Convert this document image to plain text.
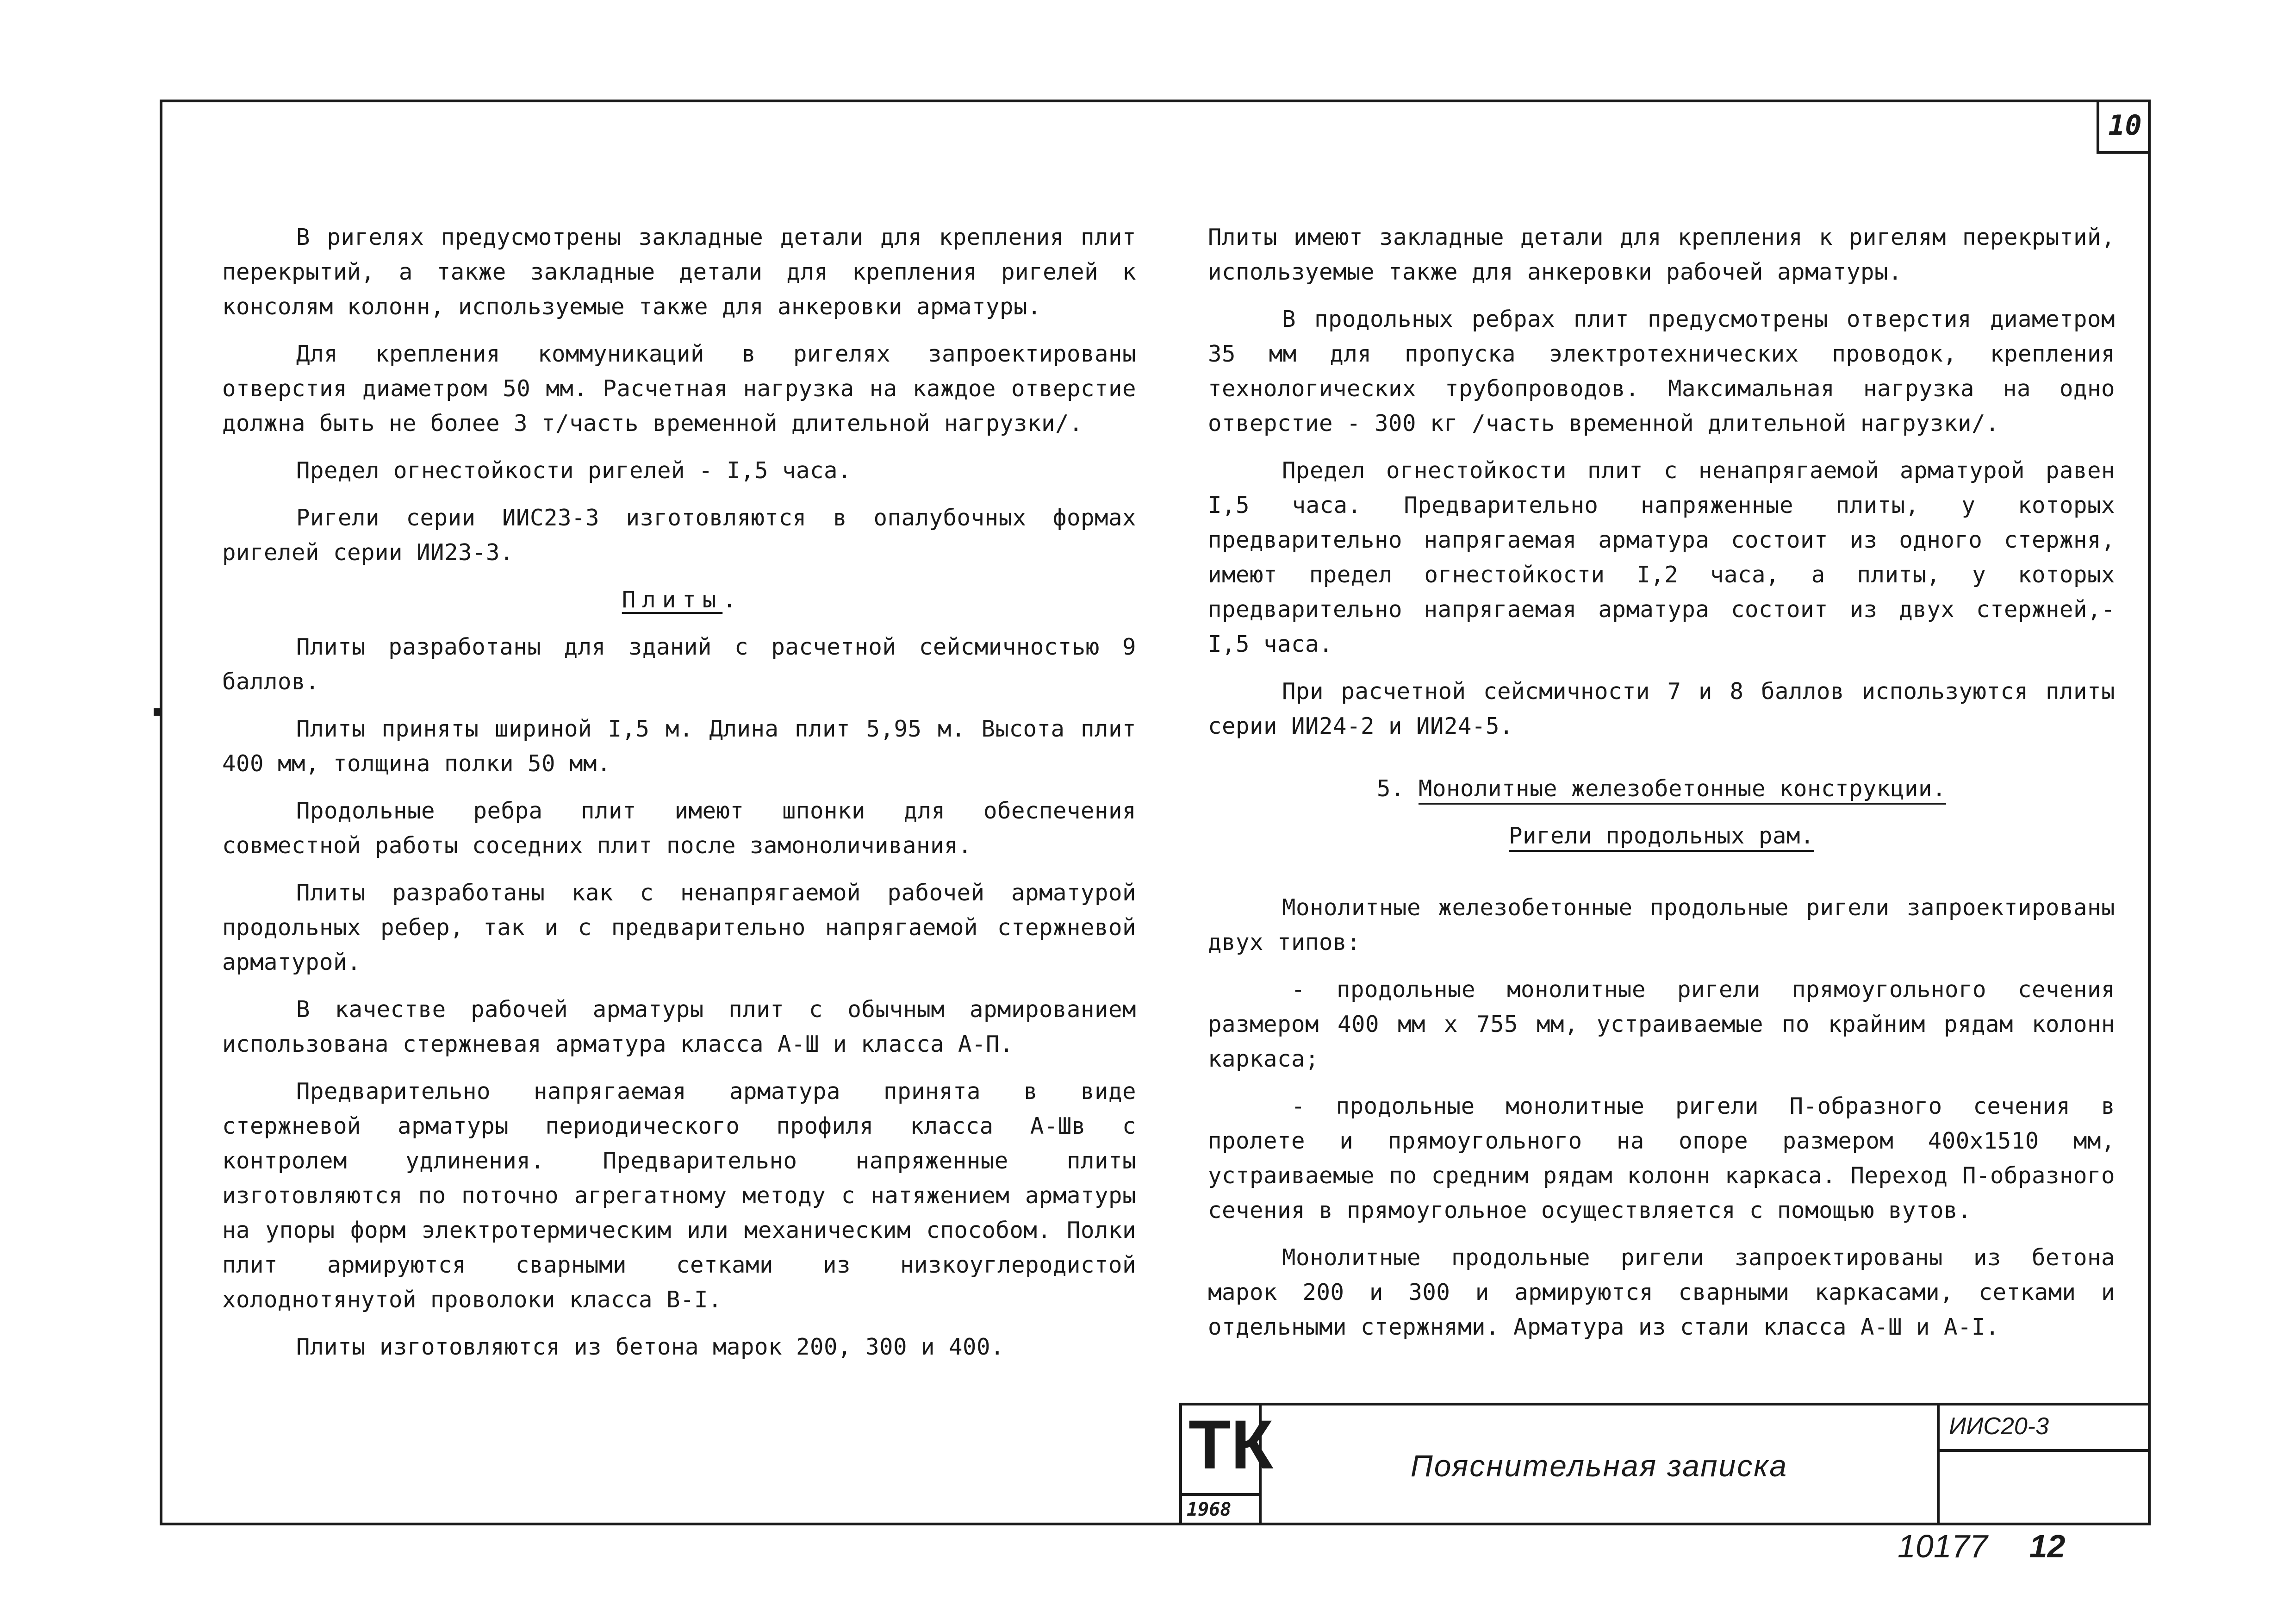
10

В ригелях предусмотрены закладные детали для крепления плит перекрытий, а также закладные детали для крепления ригелей к консолям колонн, используемые также для анкеровки арматуры.

Для крепления коммуникаций в ригелях запроектированы отверстия диаметром 50 мм. Расчетная нагрузка на каждое отверстие должна быть не более 3 т/часть временной длительной нагрузки/.

Предел огнестойкости ригелей - I,5 часа.

Ригели серии ИИС23-3 изготовляются в опалубочных формах ригелей серии ИИ23-3.

Плиты.

Плиты разработаны для зданий с расчетной сейсмичностью 9 баллов.

Плиты приняты шириной I,5 м. Длина плит 5,95 м. Высота плит 400 мм, толщина полки 50 мм.

Продольные ребра плит имеют шпонки для обеспечения совместной работы соседних плит после замоноличивания.

Плиты разработаны как с ненапрягаемой рабочей арматурой продольных ребер, так и с предварительно напрягаемой стержневой арматурой.

В качестве рабочей арматуры плит с обычным армированием использована стержневая арматура класса А-Ш и класса А-П.

Предварительно напрягаемая арматура принята в виде стержневой арматуры периодического профиля класса А-Шв с контролем удлинения. Предварительно напряженные плиты изготовляются по поточно агрегатному методу с натяжением арматуры на упоры форм электротермическим или механическим способом. Полки плит армируются сварными сетками из низкоуглеродистой холоднотянутой проволоки класса В-I.

Плиты изготовляются из бетона марок 200, 300 и 400.

Плиты имеют закладные детали для крепления к ригелям перекрытий, используемые также для анкеровки рабочей арматуры.

В продольных ребрах плит предусмотрены отверстия диаметром 35 мм для пропуска электротехнических проводок, крепления технологических трубопроводов. Максимальная нагрузка на одно отверстие - 300 кг /часть временной длительной нагрузки/.

Предел огнестойкости плит с ненапрягаемой арматурой равен I,5 часа. Предварительно напряженные плиты, у которых предварительно напрягаемая арматура состоит из одного стержня, имеют предел огнестойкости I,2 часа, а плиты, у которых предварительно напрягаемая арматура состоит из двух стержней,- I,5 часа.

При расчетной сейсмичности 7 и 8 баллов используются плиты серии ИИ24-2 и ИИ24-5.

5. Монолитные железобетонные конструкции.
Ригели продольных рам.

Монолитные железобетонные продольные ригели запроектированы двух типов:

- продольные монолитные ригели прямоугольного сечения размером 400 мм х 755 мм, устраиваемые по крайним рядам колонн каркаса;
- продольные монолитные ригели П-образного сечения в пролете и прямоугольного на опоре размером 400х1510 мм, устраиваемые по средним рядам колонн каркаса. Переход П-образного сечения в прямоугольное осуществляется с помощью вутов.

Монолитные продольные ригели запроектированы из бетона марок 200 и 300 и армируются сварными каркасами, сетками и отдельными стержнями. Арматура из стали класса А-Ш и А-I.

ТК
1968
Пояснительная записка
ИИС20-3
10177 12
